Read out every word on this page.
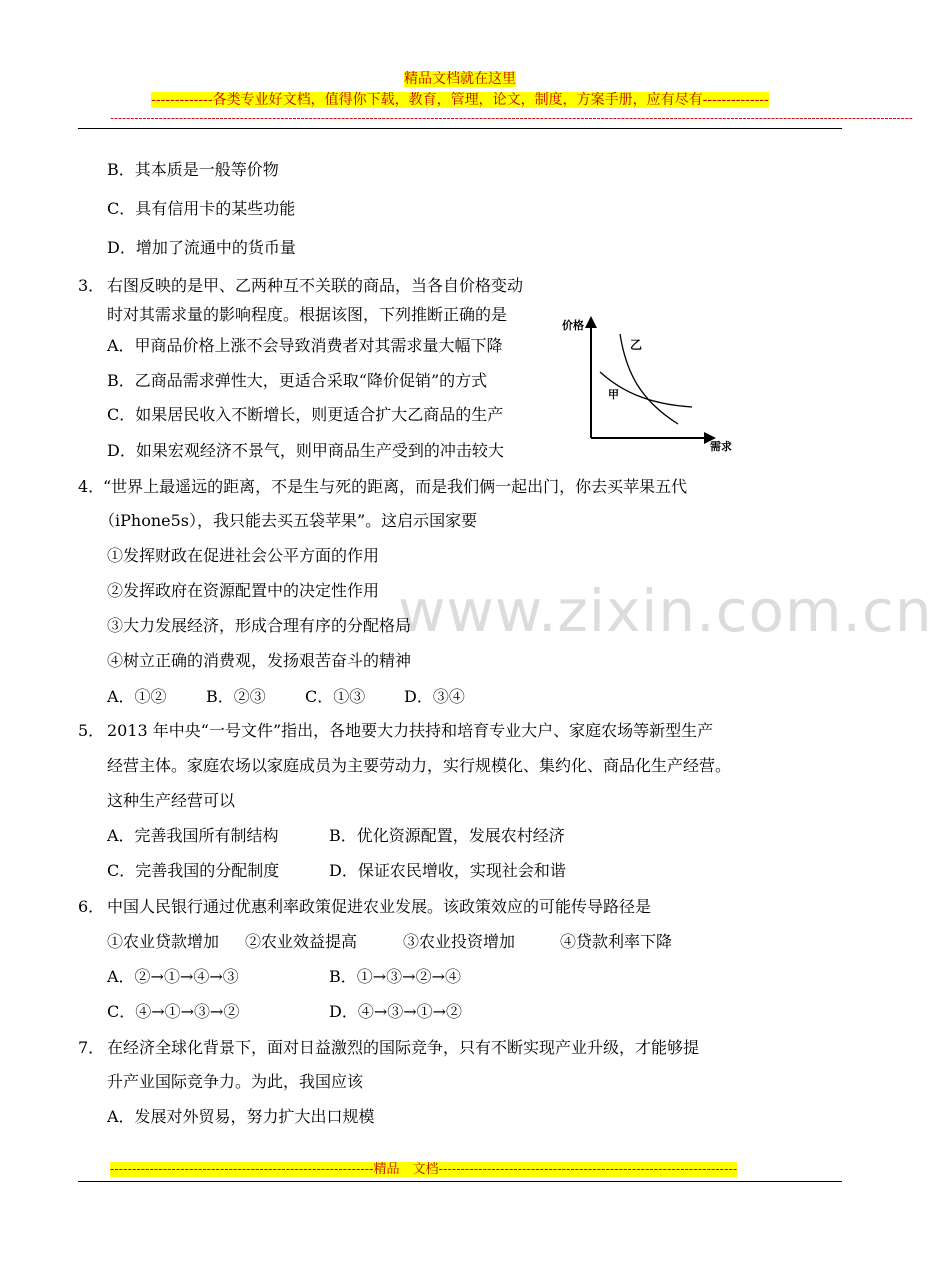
精品文档就在这里
-------------各类专业好文档，值得你下载，教育，管理，论文，制度，方案手册，应有尽有--------------
------------------------------------------------------------------------------------------------------------------------------------------------------------------------------------------------------
www.zixin.com.cn
B．其本质是一般等价物
C．具有信用卡的某些功能
D．增加了流通中的货币量
3． 右图反映的是甲、乙两种互不关联的商品，当各自价格变动
时对其需求量的影响程度。根据该图，下列推断正确的是
A．甲商品价格上涨不会导致消费者对其需求量大幅下降
B．乙商品需求弹性大，更适合采取“降价促销”的方式
C．如果居民收入不断增长，则更适合扩大乙商品的生产
D．如果宏观经济不景气，则甲商品生产受到的冲击较大
价格
需求
乙
甲
4．
“世界上最遥远的距离，不是生与死的距离，而是我们俩一起出门，你去买苹果五代
（iPhone5s），我只能去买五袋苹果”。这启示国家要
①发挥财政在促进社会公平方面的作用
②发挥政府在资源配置中的决定性作用
③大力发展经济，形成合理有序的分配格局
④树立正确的消费观，发扬艰苦奋斗的精神
A．①② B．②③ C．①③ D．③④
5． 2013 年中央“一号文件”指出，各地要大力扶持和培育专业大户、家庭农场等新型生产
经营主体。家庭农场以家庭成员为主要劳动力，实行规模化、集约化、商品化生产经营。
这种生产经营可以
A．完善我国所有制结构	B．优化资源配置，发展农村经济
C．完善我国的分配制度	D．保证农民增收，实现社会和谐
6． 中国人民银行通过优惠利率政策促进农业发展。该政策效应的可能传导路径是
①农业贷款增加 ②农业效益提高	③农业投资增加	④贷款利率下降
A．②→①→④→③	B．①→③→②→④
C．④→①→③→②	D．④→③→①→②
7． 在经济全球化背景下，面对日益激烈的国际竞争，只有不断实现产业升级，才能够提
升产业国际竞争力。为此，我国应该
A．发展对外贸易，努力扩大出口规模
------------------------------------------------------------精品　文档--------------------------------------------------------------------
